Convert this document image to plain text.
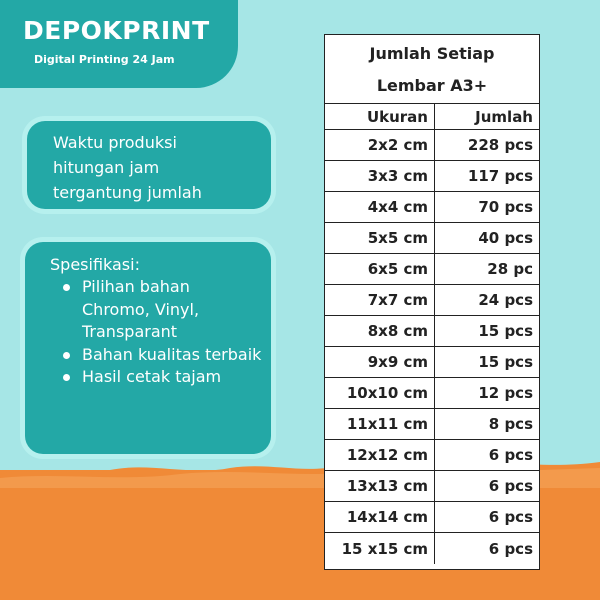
DEPOKPRINT
Digital Printing 24 Jam
Waktu produksi
hitungan jam
tergantung jumlah
Spesifikasi:
Pilihan bahan Chromo, Vinyl, Transparant
Bahan kualitas terbaik
Hasil cetak tajam
Jumlah Setiap
Lembar A3+
Ukuran	Jumlah
2x2 cm	228 pcs
3x3 cm	117 pcs
4x4 cm	70 pcs
5x5 cm	40 pcs
6x5 cm	28 pc
7x7 cm	24 pcs
8x8 cm	15 pcs
9x9 cm	15 pcs
10x10 cm	12 pcs
11x11 cm	8 pcs
12x12 cm	6 pcs
13x13 cm	6 pcs
14x14 cm	6 pcs
15 x15 cm	6 pcs
